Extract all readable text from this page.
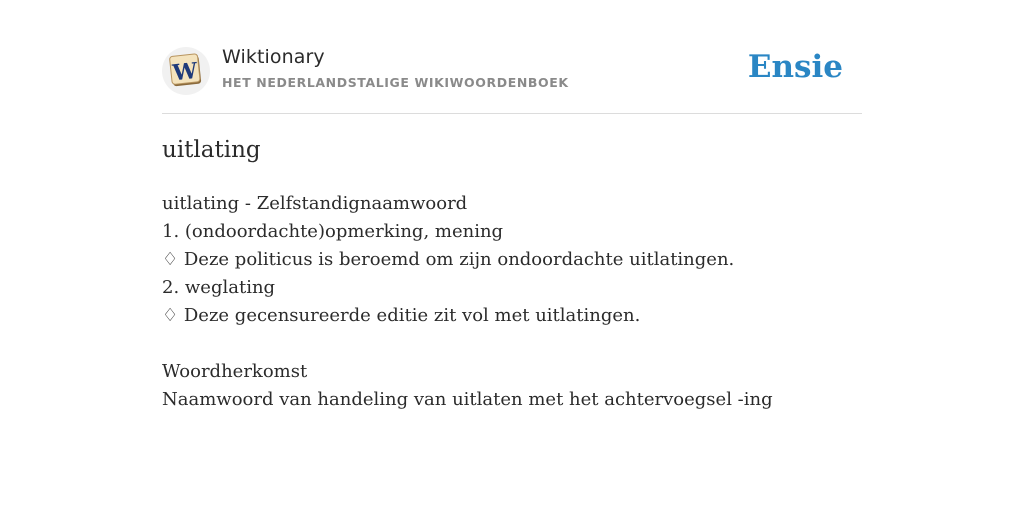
W
Wiktionary
HET NEDERLANDSTALIGE WIKIWOORDENBOEK	Ensie
uitlating
uitlating - Zelfstandignaamwoord
1. (ondoordachte)opmerking, mening
♢ Deze politicus is beroemd om zijn ondoordachte uitlatingen.
2. weglating
♢ Deze gecensureerde editie zit vol met uitlatingen.
Woordherkomst
Naamwoord van handeling van uitlaten met het achtervoegsel -ing
